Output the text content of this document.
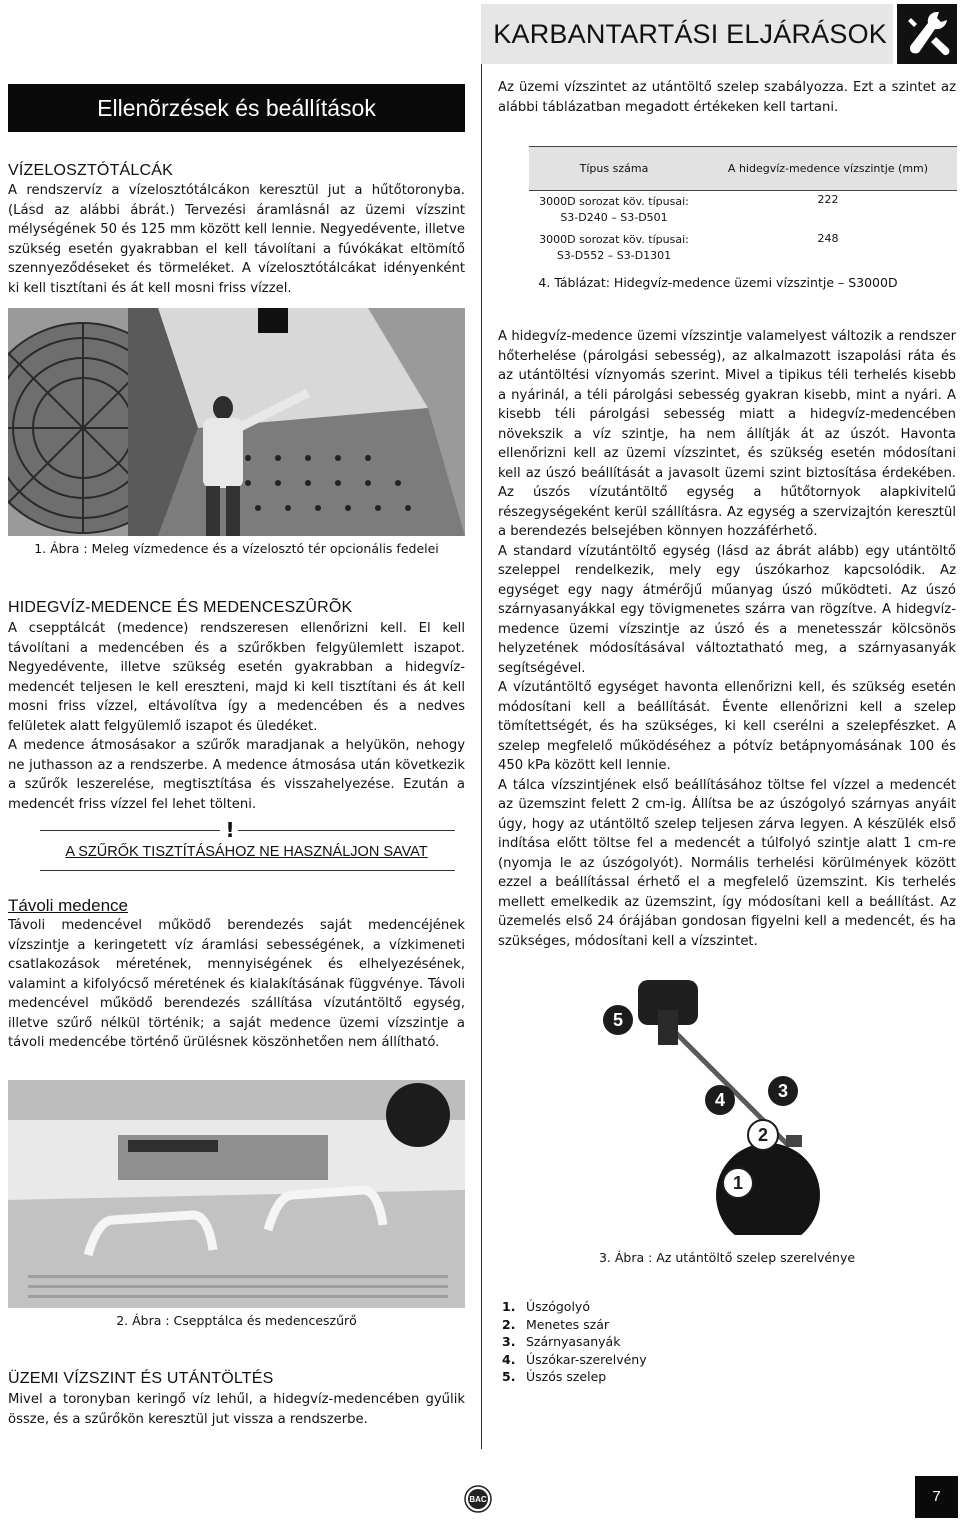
KARBANTARTÁSI ELJÁRÁSOK
Ellenõrzések és beállítások
VÍZELOSZTÓTÁLCÁK

A rendszervíz a vízelosztótálcákon keresztül jut a hűtőtoronyba. (Lásd az alábbi ábrát.) Tervezési áramlásnál az üzemi vízszint mélységének 50 és 125 mm között kell lennie. Negyedévente, illetve szükség esetén gyakrabban el kell távolítani a fúvókákat eltömítő szennyeződéseket és törmeléket. A vízelosztótálcákat idényenként ki kell tisztítani és át kell mosni friss vízzel.

1. Ábra : Meleg vízmedence és a vízelosztó tér opcionális fedelei
HIDEGVÍZ-MEDENCE ÉS MEDENCESZÛRÕK

A csepptálcát (medence) rendszeresen ellenőrizni kell. El kell távolítani a medencében és a szűrőkben felgyülemlett iszapot. Negyedévente, illetve szükség esetén gyakrabban a hidegvíz-medencét teljesen le kell ereszteni, majd ki kell tisztítani és át kell mosni friss vízzel, eltávolítva így a medencében és a nedves felületek alatt felgyülemlő iszapot és üledéket.

A medence átmosásakor a szűrők maradjanak a helyükön, nehogy ne juthasson az a rendszerbe. A medence átmosása után következik a szűrők leszerelése, megtisztítása és visszahelyezése. Ezután a medencét friss vízzel fel lehet tölteni.

!
A SZŰRŐK TISZTÍTÁSÁHOZ NE HASZNÁLJON SAVAT
Távoli medence

Távoli medencével működő berendezés saját medencéjének vízszintje a keringetett víz áramlási sebességének, a vízkimeneti csatlakozások méretének, mennyiségének és elhelyezésének, valamint a kifolyócső méretének és kialakításának függvénye. Távoli medencével működő berendezés szállítása vízutántöltő egység, illetve szűrő nélkül történik; a saját medence üzemi vízszintje a távoli medencébe történő ürülésnek köszönhetően nem állítható.

2. Ábra : Csepptálca és medenceszűrő
ÜZEMI VÍZSZINT ÉS UTÁNTÖLTÉS

Mivel a toronyban keringő víz lehűl, a hidegvíz-medencében gyűlik össze, és a szűrőkön keresztül jut vissza a rendszerbe.

Az üzemi vízszintet az utántöltő szelep szabályozza. Ezt a szintet az alábbi táblázatban megadott értékeken kell tartani.

Típus száma	A hidegvíz-medence vízszintje (mm)

3000D sorozat köv. típusai:
S3-D240 – S3-D501	222

3000D sorozat köv. típusai:
S3-D552 – S3-D1301	248
4. Táblázat: Hidegvíz-medence üzemi vízszintje – S3000D

A hidegvíz-medence üzemi vízszintje valamelyest változik a rendszer hőterhelése (párolgási sebesség), az alkalmazott iszapolási ráta és az utántöltési víznyomás szerint. Mivel a tipikus téli terhelés kisebb a nyárinál, a téli párolgási sebesség gyakran kisebb, mint a nyári. A kisebb téli párolgási sebesség miatt a hidegvíz-medencében növekszik a víz szintje, ha nem állítják át az úszót. Havonta ellenőrizni kell az üzemi vízszintet, és szükség esetén módosítani kell az úszó beállítását a javasolt üzemi szint biztosítása érdekében. Az úszós vízutántöltő egység a hűtőtornyok alapkivitelű részegységeként kerül szállításra. Az egység a szervizajtón keresztül a berendezés belsejében könnyen hozzáférhető.

A standard vízutántöltő egység (lásd az ábrát alább) egy utántöltő szeleppel rendelkezik, mely egy úszókarhoz kapcsolódik. Az egységet egy nagy átmérőjű műanyag úszó működteti. Az úszó szárnyasanyákkal egy tövigmenetes szárra van rögzítve. A hidegvíz-medence üzemi vízszintje az úszó és a menetesszár kölcsönös helyzetének módosításával változtatható meg, a szárnyasanyák segítségével.

A vízutántöltő egységet havonta ellenőrizni kell, és szükség esetén módosítani kell a beállítását. Évente ellenőrizni kell a szelep tömítettségét, és ha szükséges, ki kell cserélni a szelepfészket. A szelep megfelelő működéséhez a pótvíz betápnyomásának 100 és 450 kPa között kell lennie.

A tálca vízszintjének első beállításához töltse fel vízzel a medencét az üzemszint felett 2 cm-ig. Állítsa be az úszógolyó szárnyas anyáit úgy, hogy az utántöltő szelep teljesen zárva legyen. A készülék első indítása előtt töltse fel a medencét a túlfolyó szintje alatt 1 cm-re (nyomja le az úszógolyót). Normális terhelési körülmények között ezzel a beállítással érhető el a megfelelő üzemszint. Kis terhelés mellett emelkedik az üzemszint, így módosítani kell a beállítást. Az üzemelés első 24 órájában gondosan figyelni kell a medencét, és ha szükséges, módosítani kell a vízszintet.

5
4	3
2
1
3. Ábra : Az utántöltő szelep szerelvénye
1. Úszógolyó
2. Menetes szár
3. Szárnyasanyák
4. Úszókar-szerelvény
5. Úszós szelep
BAC	7
